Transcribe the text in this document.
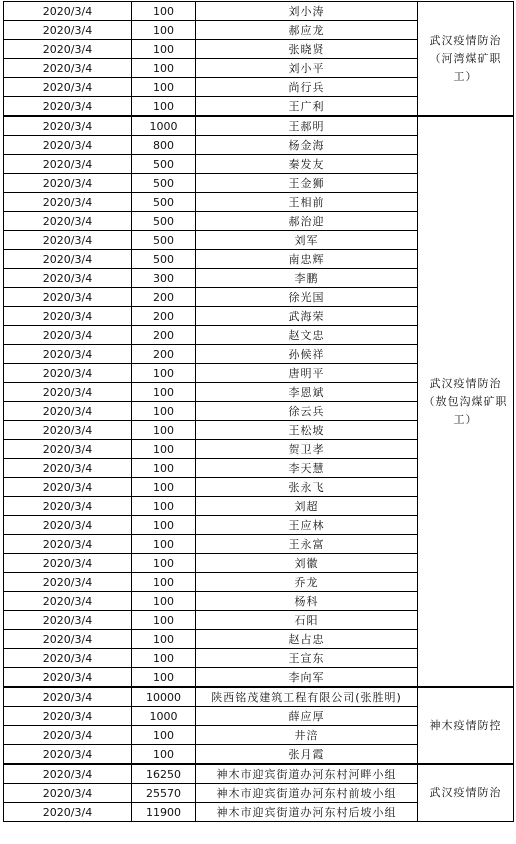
2020/3/4	100	刘小涛	武汉疫情防治（河湾煤矿职工）
2020/3/4	100	郝应龙	
2020/3/4	100	张晓贤	
2020/3/4	100	刘小平	
2020/3/4	100	尚行兵	
2020/3/4	100	王广利	
2020/3/4	1000	王郝明	武汉疫情防治（敖包沟煤矿职工）
2020/3/4	800	杨金海	
2020/3/4	500	秦发友	
2020/3/4	500	王金狮	
2020/3/4	500	王相前	
2020/3/4	500	郝治迎	
2020/3/4	500	刘军	
2020/3/4	500	南忠辉	
2020/3/4	300	李鹏	
2020/3/4	200	徐光国	
2020/3/4	200	武海荣	
2020/3/4	200	赵文忠	
2020/3/4	200	孙候祥	
2020/3/4	100	唐明平	
2020/3/4	100	李恩斌	
2020/3/4	100	徐云兵	
2020/3/4	100	王松坡	
2020/3/4	100	贺卫孝	
2020/3/4	100	李天慧	
2020/3/4	100	张永飞	
2020/3/4	100	刘超	
2020/3/4	100	王应林	
2020/3/4	100	王永富	
2020/3/4	100	刘徽	
2020/3/4	100	乔龙	
2020/3/4	100	杨科	
2020/3/4	100	石阳	
2020/3/4	100	赵占忠	
2020/3/4	100	王宣东	
2020/3/4	100	李向军	
2020/3/4	10000	陕西铭茂建筑工程有限公司(张胜明)	神木疫情防控
2020/3/4	1000	薛应厚	
2020/3/4	100	井涪	
2020/3/4	100	张月霞	
2020/3/4	16250	神木市迎宾街道办河东村河畔小组	武汉疫情防治
2020/3/4	25570	神木市迎宾街道办河东村前坡小组	
2020/3/4	11900	神木市迎宾街道办河东村后坡小组	
